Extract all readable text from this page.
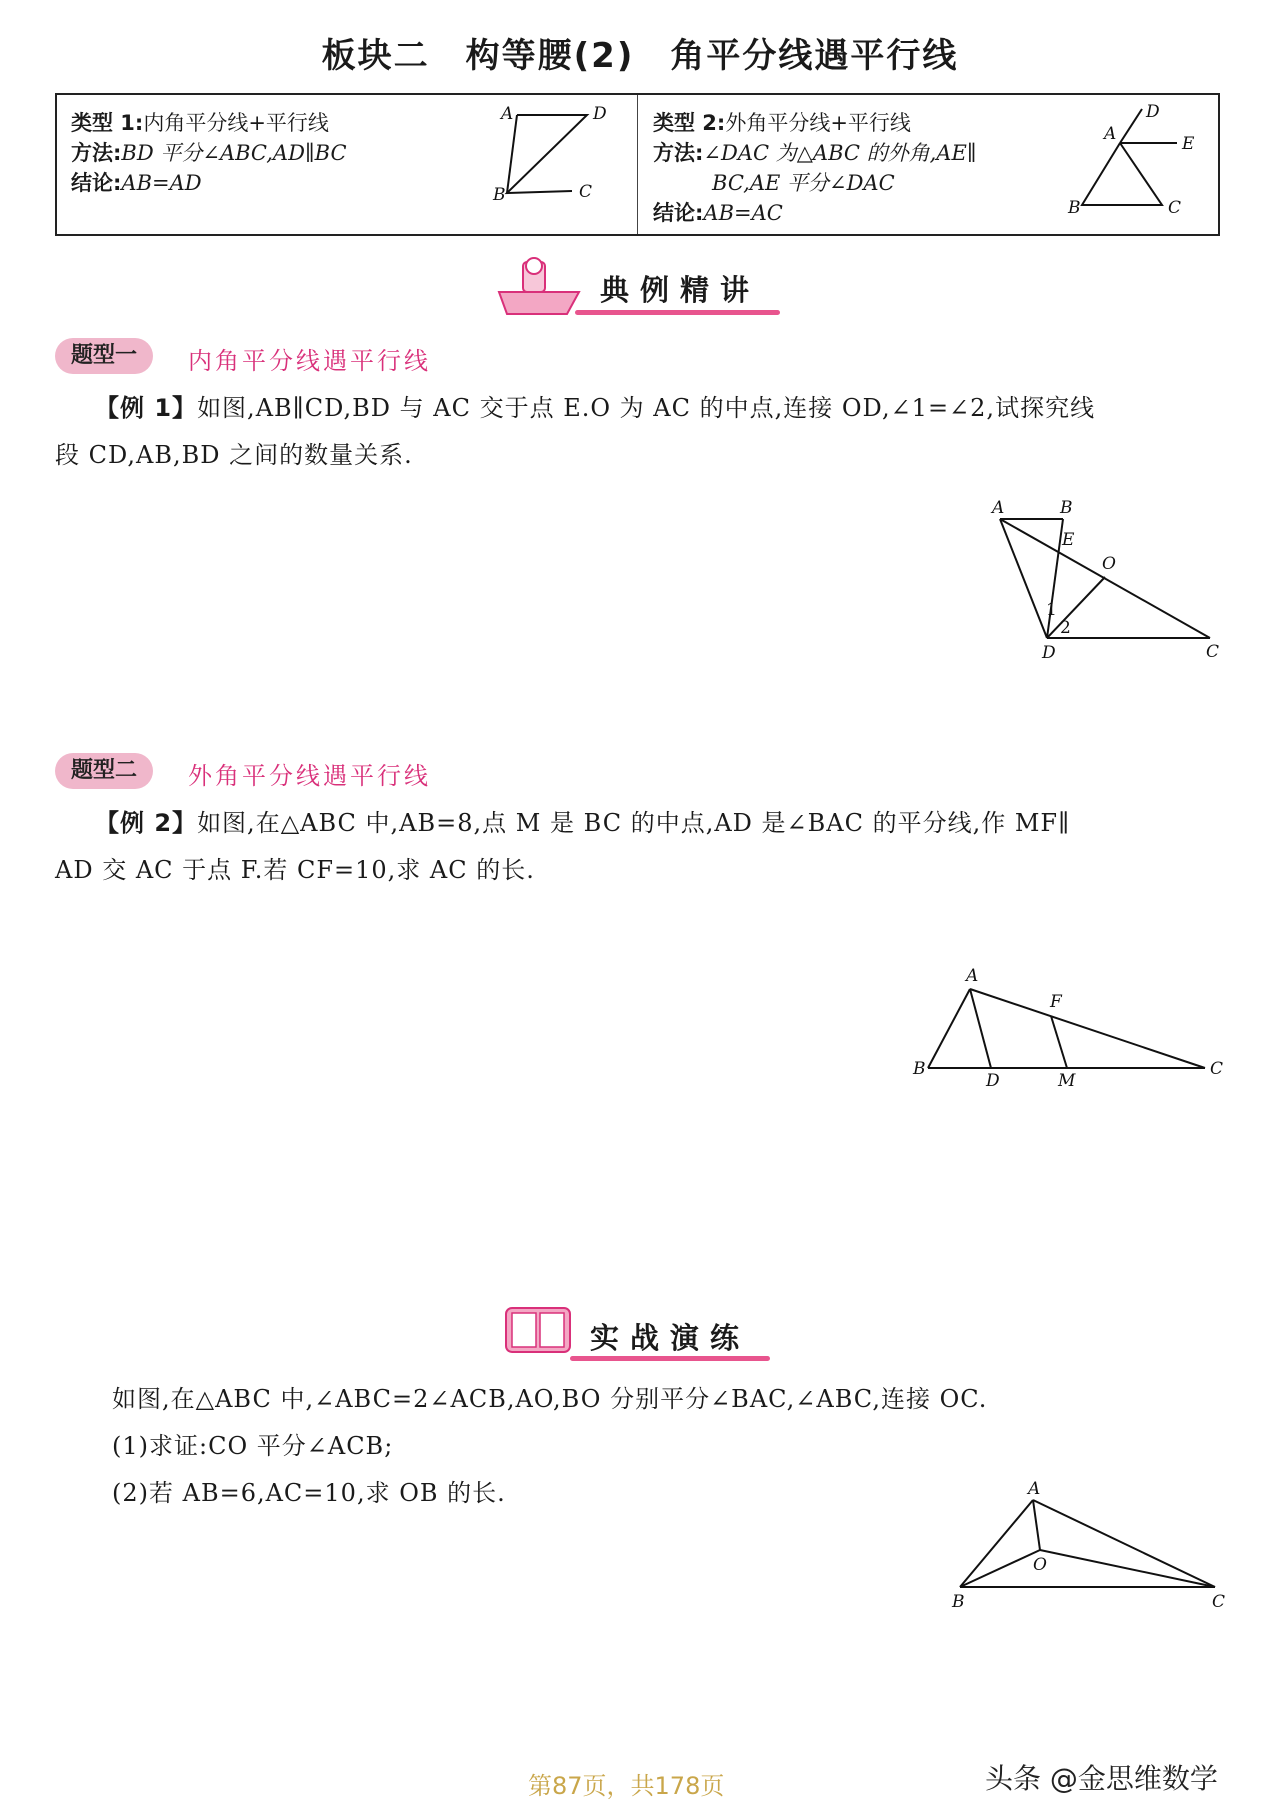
板块二　构等腰(2)　角平分线遇平行线
类型 1:内角平分线+平行线
方法:BD 平分∠ABC,AD∥BC
结论:AB=AD
A	D
B	C
类型 2:外角平分线+平行线
方法:∠DAC 为△ABC 的外角,AE∥
BC,AE 平分∠DAC
结论:AB=AC
D
A	E
B	C
典例精讲
题型一	内角平分线遇平行线
【例 1】如图,AB∥CD,BD 与 AC 交于点 E.O 为 AC 的中点,连接 OD,∠1=∠2,试探究线
段 CD,AB,BD 之间的数量关系.
A	B
E
O
1
2
D	C
题型二	外角平分线遇平行线
【例 2】如图,在△ABC 中,AB=8,点 M 是 BC 的中点,AD 是∠BAC 的平分线,作 MF∥
AD 交 AC 于点 F.若 CF=10,求 AC 的长.
A
F
B
D	M
C
实战演练
如图,在△ABC 中,∠ABC=2∠ACB,AO,BO 分别平分∠BAC,∠ABC,连接 OC.
(1)求证:CO 平分∠ACB;
(2)若 AB=6,AC=10,求 OB 的长.	A
O
B	C
第87页，共178页	头条 @金思维数学
